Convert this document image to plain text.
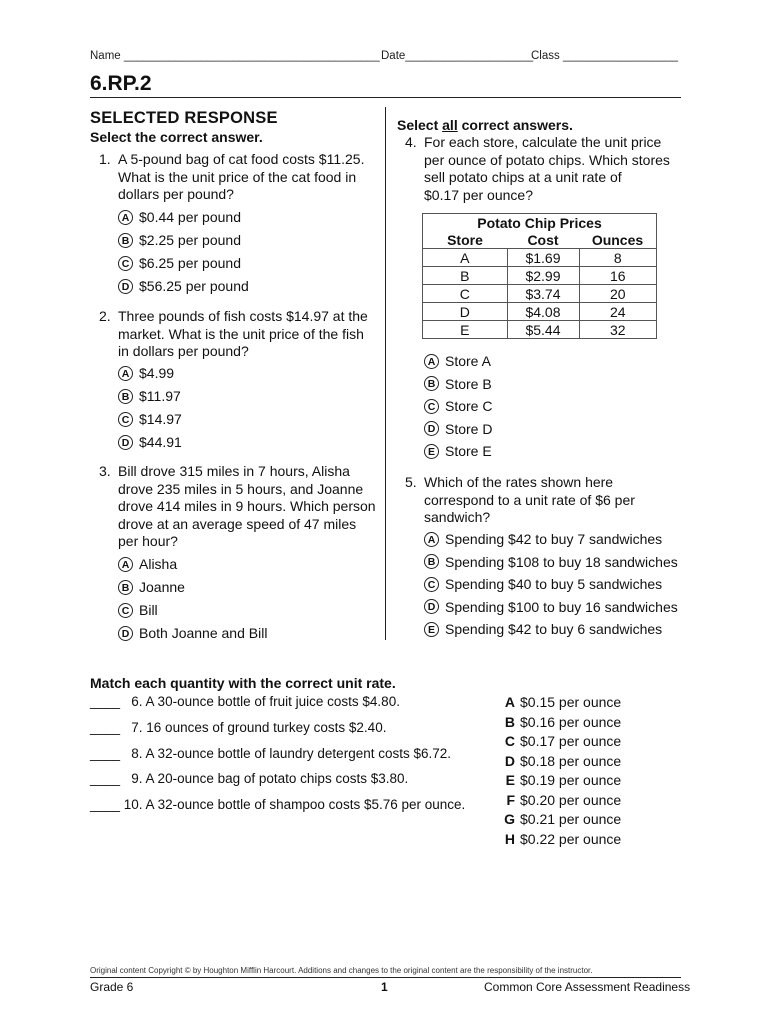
Name ________________________________________ Date____________________
Class __________________
6.RP.2
SELECTED RESPONSE
Select the correct answer.
1. A 5-pound bag of cat food costs $11.25.
What is the unit price of the cat food in
dollars per pound?
A $0.44 per pound
B $2.25 per pound
C $6.25 per pound
D $56.25 per pound
2. Three pounds of fish costs $14.97 at the
market. What is the unit price of the fish
in dollars per pound?
A $4.99
B $11.97
C $14.97
D $44.91
3. Bill drove 315 miles in 7 hours, Alisha
drove 235 miles in 5 hours, and Joanne
drove 414 miles in 9 hours. Which person
drove at an average speed of 47 miles
per hour?
A Alisha
B Joanne
C Bill
D Both Joanne and Bill
Select all correct answers.
4. For each store, calculate the unit price
per ounce of potato chips. Which stores
sell potato chips at a unit rate of
$0.17 per ounce?
Potato Chip Prices		
Store	Cost	Ounces
A	$1.69	8
B	$2.99	16
C	$3.74	20
D	$4.08	24
E	$5.44	32
A Store A
B Store B
C Store C
D Store D
E Store E
5. Which of the rates shown here
correspond to a unit rate of $6 per
sandwich?
A Spending $42 to buy 7 sandwiches
B Spending $108 to buy 18 sandwiches
C Spending $40 to buy 5 sandwiches
D Spending $100 to buy 16 sandwiches
E Spending $42 to buy 6 sandwiches
Match each quantity with the correct unit rate.
____   6. A 30-ounce bottle of fruit juice costs $4.80.
____   7. 16 ounces of ground turkey costs $2.40.
____   8. A 32-ounce bottle of laundry detergent costs $6.72.
____   9. A 20-ounce bag of potato chips costs $3.80.
____ 10. A 32-ounce bottle of shampoo costs $5.76 per ounce.
A $0.15 per ounce
B $0.16 per ounce
C $0.17 per ounce
D $0.18 per ounce
E $0.19 per ounce
F $0.20 per ounce
G $0.21 per ounce
H $0.22 per ounce
Original content Copyright © by Houghton Mifflin Harcourt. Additions and changes to the original content are the responsibility of the instructor.
Grade 6	1	Common Core Assessment Readiness
